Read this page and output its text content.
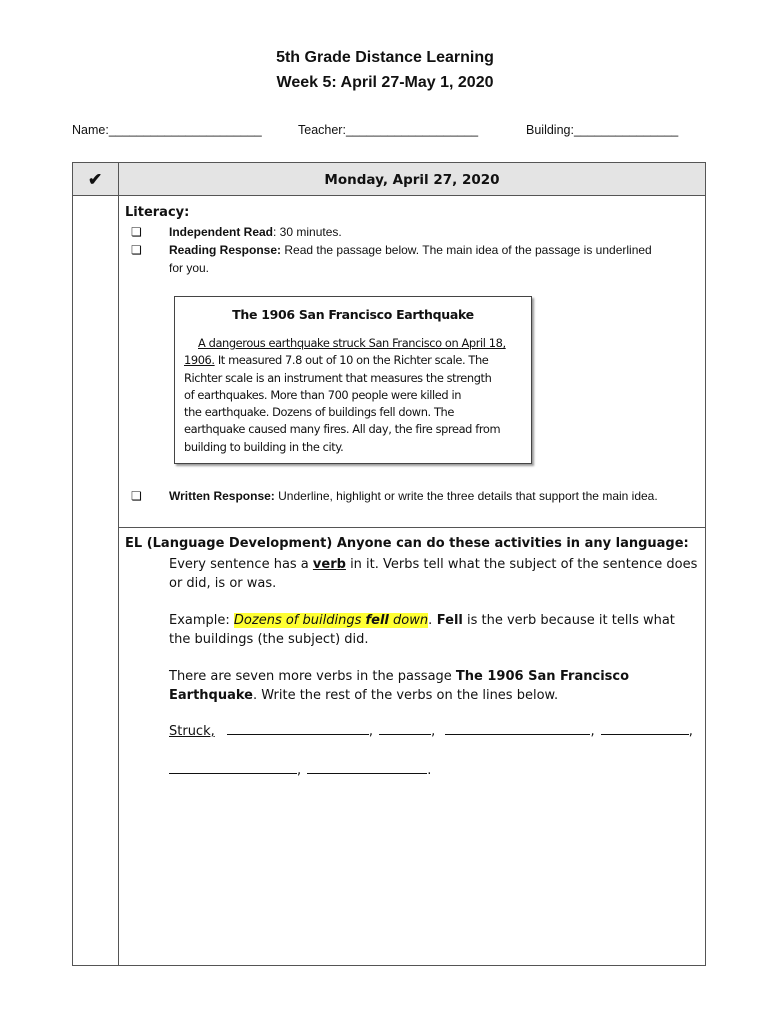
5th Grade Distance Learning
Week 5: April 27-May 1, 2020
Name:______________________	Teacher:___________________	Building:_______________
✔	Monday, April 27, 2020
Literacy:
❏ Independent Read: 30 minutes.
❏ Reading Response: Read the passage below. The main idea of the passage is underlined for you.
The 1906 San Francisco Earthquake
A dangerous earthquake struck San Francisco on April 18,
1906. It measured 7.8 out of 10 on the Richter scale. The
Richter scale is an instrument that measures the strength
of earthquakes. More than 700 people were killed in
the earthquake. Dozens of buildings fell down. The
earthquake caused many fires. All day, the fire spread from
building to building in the city.
❏ Written Response: Underline, highlight or write the three details that support the main idea.
EL (Language Development) Anyone can do these activities in any language:
Every sentence has a verb in it. Verbs tell what the subject of the sentence does or did, is or was.
Example: Dozens of buildings fell down. Fell is the verb because it tells what the buildings (the subject) did.
There are seven more verbs in the passage The 1906 San Francisco Earthquake. Write the rest of the verbs on the lines below.
Struck,	,	,	,	,
,	.
